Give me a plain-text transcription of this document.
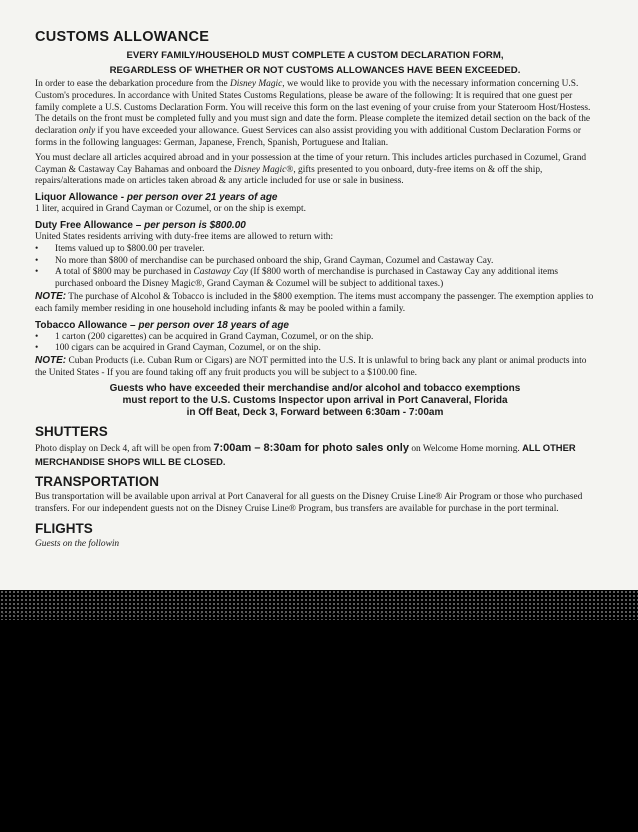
CUSTOMS ALLOWANCE
EVERY FAMILY/HOUSEHOLD MUST COMPLETE A CUSTOM DECLARATION FORM,
REGARDLESS OF WHETHER OR NOT CUSTOMS ALLOWANCES HAVE BEEN EXCEEDED.

In order to ease the debarkation procedure from the Disney Magic, we would like to provide you with the necessary information concerning U.S. Custom's procedures. In accordance with United States Customs Regulations, please be aware of the following: It is required that one guest per family complete a U.S. Customs Declaration Form. You will receive this form on the last evening of your cruise from your Stateroom Host/Hostess. The details on the front must be completed fully and you must sign and date the form. Please complete the itemized detail section on the back of the declaration only if you have exceeded your allowance. Guest Services can also assist providing you with additional Custom Declaration Forms or forms in the following languages: German, Japanese, French, Spanish, Portuguese and Italian.

You must declare all articles acquired abroad and in your possession at the time of your return. This includes articles purchased in Cozumel, Grand Cayman & Castaway Cay Bahamas and onboard the Disney Magic®, gifts presented to you onboard, duty-free items on & off the ship, repairs/alterations made on articles taken abroad & any article included for use or sale in business.

Liquor Allowance - per person over 21 years of age

1 liter, acquired in Grand Cayman or Cozumel, or on the ship is exempt.

Duty Free Allowance – per person is $800.00

United States residents arriving with duty-free items are allowed to return with:

• Items valued up to $800.00 per traveler.
• No more than $800 of merchandise can be purchased onboard the ship, Grand Cayman, Cozumel and Castaway Cay.
• A total of $800 may be purchased in Castaway Cay (If $800 worth of merchandise is purchased in Castaway Cay any additional items purchased onboard the Disney Magic®, Grand Cayman & Cozumel will be subject to additional taxes.)

NOTE: The purchase of Alcohol & Tobacco is included in the $800 exemption. The items must accompany the passenger. The exemption applies to each family member residing in one household including infants & may be pooled within a family.

Tobacco Allowance – per person over 18 years of age
• 1 carton (200 cigarettes) can be acquired in Grand Cayman, Cozumel, or on the ship.
• 100 cigars can be acquired in Grand Cayman, Cozumel, or on the ship.

NOTE: Cuban Products (i.e. Cuban Rum or Cigars) are NOT permitted into the U.S. It is unlawful to bring back any plant or animal products into the United States - If you are found taking off any fruit products you will be subject to a $100.00 fine.

Guests who have exceeded their merchandise and/or alcohol and tobacco exemptions
must report to the U.S. Customs Inspector upon arrival in Port Canaveral, Florida
in Off Beat, Deck 3, Forward between 6:30am - 7:00am
SHUTTERS

Photo display on Deck 4, aft will be open from 7:00am – 8:30am for photo sales only on Welcome Home morning. ALL OTHER MERCHANDISE SHOPS WILL BE CLOSED.

TRANSPORTATION

Bus transportation will be available upon arrival at Port Canaveral for all guests on the Disney Cruise Line® Air Program or those who purchased transfers. For our independent guests not on the Disney Cruise Line® Program, bus transfers are available for purchase in the port terminal.

FLIGHTS
Guests on the followin
